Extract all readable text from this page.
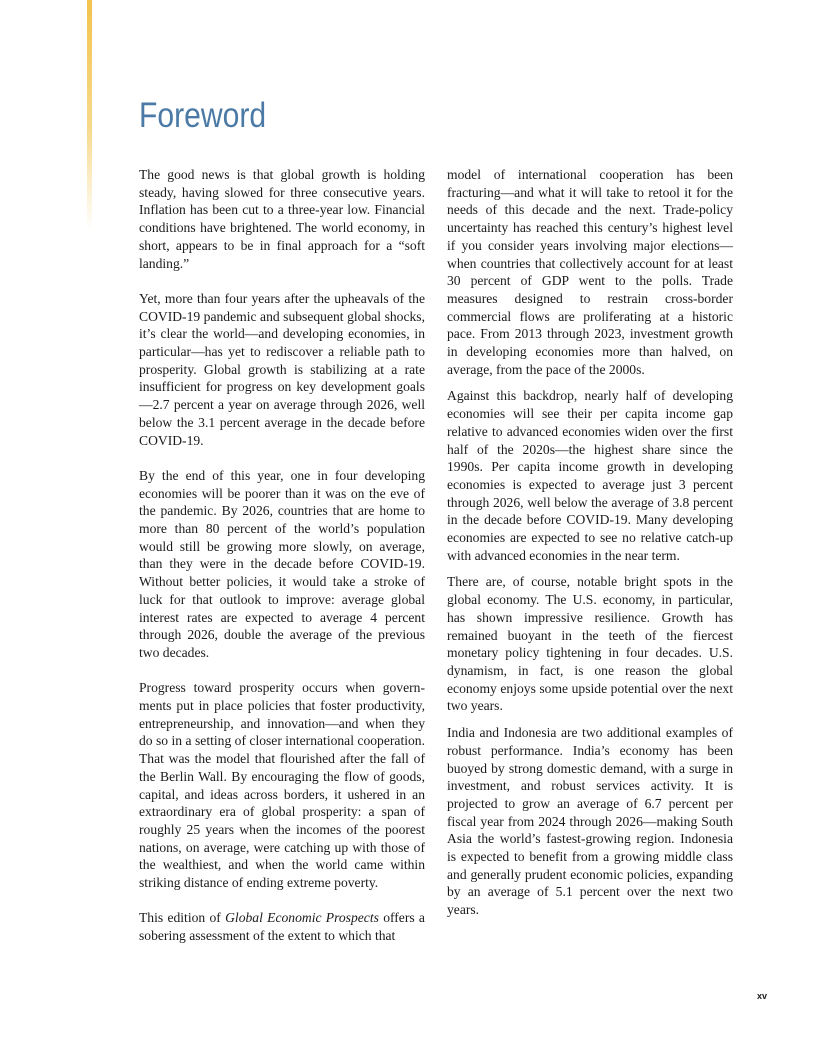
Foreword

The good news is that global growth is holding steady, having slowed for three consecutive years. Inflation has been cut to a three-year low. Financial conditions have brightened. The world economy, in short, appears to be in final approach for a “soft landing.”

Yet, more than four years after the upheavals of the COVID-19 pandemic and subsequent global shocks, it’s clear the world—and developing economies, in particular—has yet to rediscover a reliable path to prosperity. Global growth is stabilizing at a rate insufficient for progress on key development goals—2.7 percent a year on average through 2026, well below the 3.1 percent average in the decade before COVID-19.

By the end of this year, one in four developing economies will be poorer than it was on the eve of the pandemic. By 2026, countries that are home to more than 80 percent of the world’s population would still be growing more slowly, on average, than they were in the decade before COVID-19. Without better policies, it would take a stroke of luck for that outlook to improve: average global interest rates are expected to average 4 percent through 2026, double the average of the previous two decades.

Progress toward prosperity occurs when governments put in place policies that foster productivity, entrepreneurship, and innovation—and when they do so in a setting of closer international cooperation. That was the model that flourished after the fall of the Berlin Wall. By encouraging the flow of goods, capital, and ideas across borders, it ushered in an extraordinary era of global prosperity: a span of roughly 25 years when the incomes of the poorest nations, on average, were catching up with those of the wealthiest, and when the world came within striking distance of ending extreme poverty.

This edition of Global Economic Prospects offers a sobering assessment of the extent to which that

model of international cooperation has been fracturing—and what it will take to retool it for the needs of this decade and the next. Trade-policy uncertainty has reached this century’s highest level if you consider years involving major elections—when countries that collectively account for at least 30 percent of GDP went to the polls. Trade measures designed to restrain cross-border commercial flows are proliferating at a historic pace. From 2013 through 2023, investment growth in developing economies more than halved, on average, from the pace of the 2000s.

Against this backdrop, nearly half of developing economies will see their per capita income gap relative to advanced economies widen over the first half of the 2020s—the highest share since the 1990s. Per capita income growth in developing economies is expected to average just 3 percent through 2026, well below the average of 3.8 percent in the decade before COVID-19. Many developing economies are expected to see no relative catch-up with advanced economies in the near term.

There are, of course, notable bright spots in the global economy. The U.S. economy, in particular, has shown impressive resilience. Growth has remained buoyant in the teeth of the fiercest monetary policy tightening in four decades. U.S. dynamism, in fact, is one reason the global economy enjoys some upside potential over the next two years.

India and Indonesia are two additional examples of robust performance. India’s economy has been buoyed by strong domestic demand, with a surge in investment, and robust services activity. It is projected to grow an average of 6.7 percent per fiscal year from 2024 through 2026—making South Asia the world’s fastest-growing region. Indonesia is expected to benefit from a growing middle class and generally prudent economic policies, expanding by an average of 5.1 percent over the next two years.

xv
